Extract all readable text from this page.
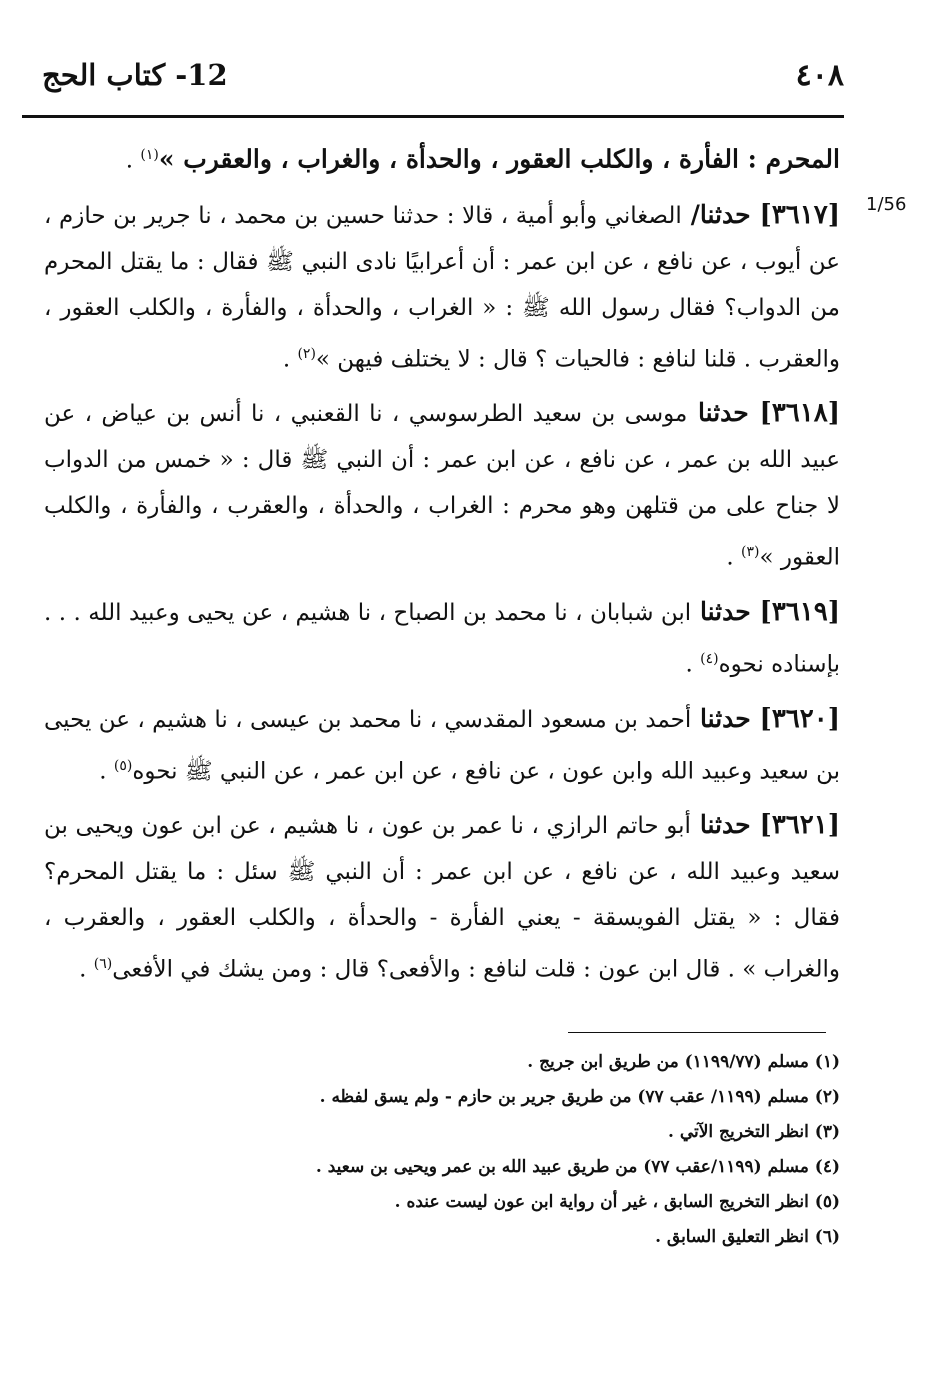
٤٠٨
12- كتاب الحج
1/56

المحرم : الفأرة ، والكلب العقور ، والحدأة ، والغراب ، والعقرب »$^{(١)}$ .

[٣٦١٧] حدثنا/ الصغاني وأبو أمية ، قالا : حدثنا حسين بن محمد ، نا جرير بن حازم ، عن أيوب ، عن نافع ، عن ابن عمر : أن أعرابيًا نادى النبي ﷺ فقال : ما يقتل المحرم من الدواب؟ فقال رسول الله ﷺ : « الغراب ، والحدأة ، والفأرة ، والكلب العقور ، والعقرب . قلنا لنافع : فالحيات ؟ قال : لا يختلف فيهن »$^{(٢)}$ .

[٣٦١٨] حدثنا موسى بن سعيد الطرسوسي ، نا القعنبي ، نا أنس بن عياض ، عن عبيد الله بن عمر ، عن نافع ، عن ابن عمر : أن النبي ﷺ قال : « خمس من الدواب لا جناح على من قتلهن وهو محرم : الغراب ، والحدأة ، والعقرب ، والفأرة ، والكلب العقور »$^{(٣)}$ .

[٣٦١٩] حدثنا ابن شبابان ، نا محمد بن الصباح ، نا هشيم ، عن يحيى وعبيد الله . . . بإسناده نحوه$^{(٤)}$ .

[٣٦٢٠] حدثنا أحمد بن مسعود المقدسي ، نا محمد بن عيسى ، نا هشيم ، عن يحيى بن سعيد وعبيد الله وابن عون ، عن نافع ، عن ابن عمر ، عن النبي ﷺ نحوه$^{(٥)}$ .

[٣٦٢١] حدثنا أبو حاتم الرازي ، نا عمر بن عون ، نا هشيم ، عن ابن عون ويحيى بن سعيد وعبيد الله ، عن نافع ، عن ابن عمر : أن النبي ﷺ سئل : ما يقتل المحرم؟ فقال : « يقتل الفويسقة - يعني الفأرة - والحدأة ، والكلب العقور ، والعقرب ، والغراب » . قال ابن عون : قلت لنافع : والأفعى؟ قال : ومن يشك في الأفعى$^{(٦)}$ .

(١) مسلم (١١٩٩/٧٧) من طريق ابن جريج .

(٢) مسلم (١١٩٩/ عقب ٧٧) من طريق جرير بن حازم - ولم يسق لفظه .

(٣) انظر التخريج الآتي .

(٤) مسلم (١١٩٩/عقب ٧٧) من طريق عبيد الله بن عمر ويحيى بن سعيد .

(٥) انظر التخريج السابق ، غير أن رواية ابن عون ليست عنده .

(٦) انظر التعليق السابق .
